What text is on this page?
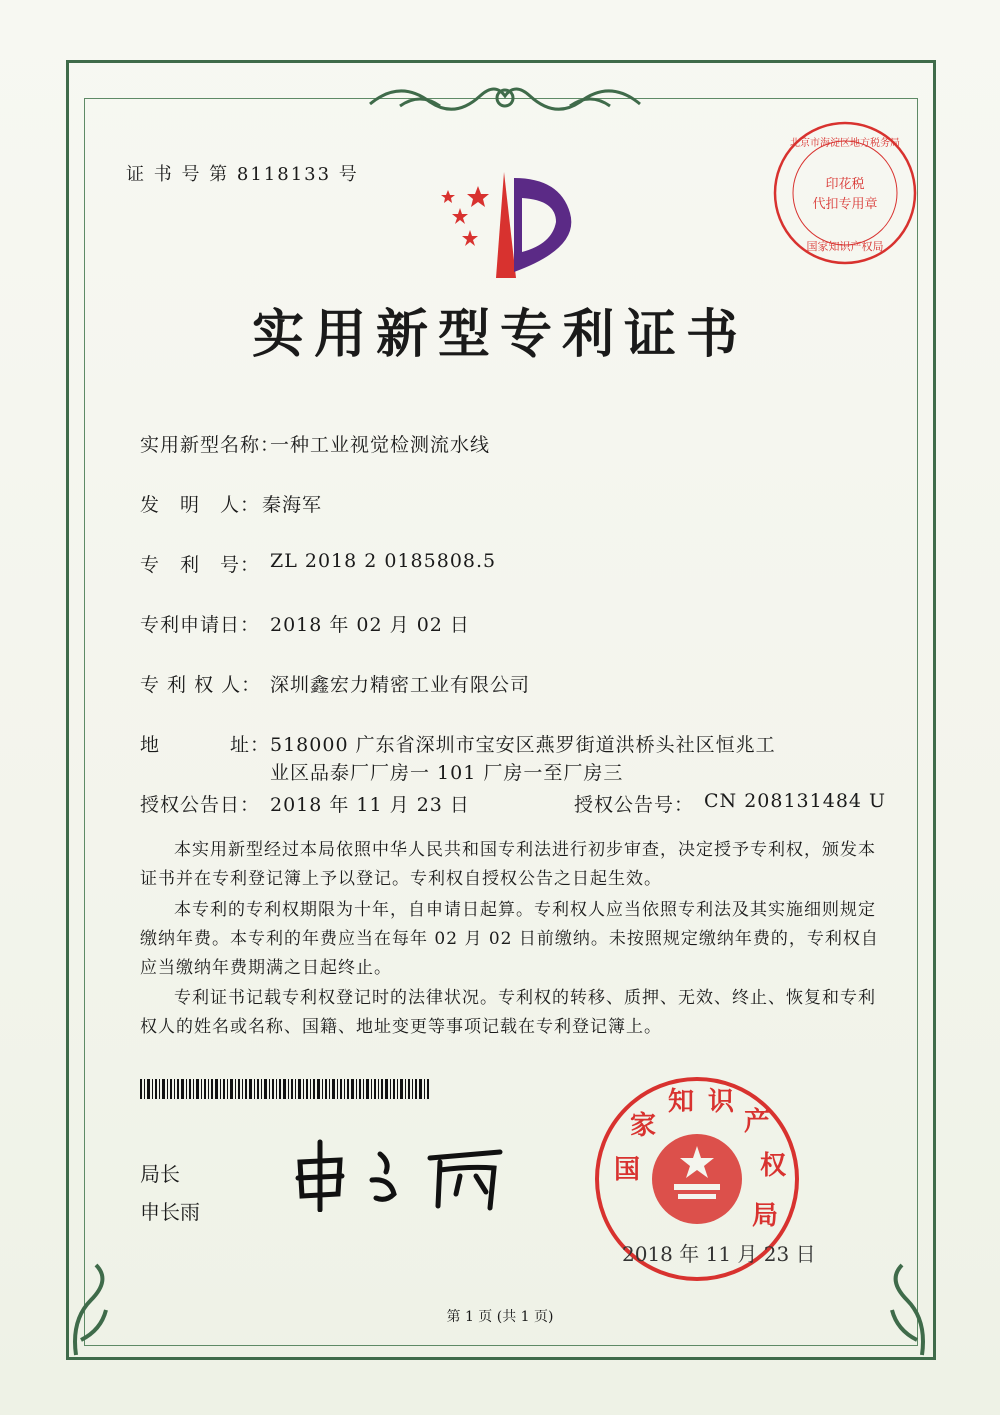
证 书 号 第 8118133 号	印花税
代扣专用章
北京市海淀区地方税务局
国家知识产权局
实用新型专利证书
实用新型名称：
一种工业视觉检测流水线
发　明　人： 秦海军
专　利　号： ZL 2018 2 0185808.5
专利申请日： 2018 年 02 月 02 日
专 利 权 人： 深圳鑫宏力精密工业有限公司
地	址： 518000 广东省深圳市宝安区燕罗街道洪桥头社区恒兆工
业区品泰厂厂房一 101 厂房一至厂房三
授权公告日： 2018 年 11 月 23 日	授权公告号： CN 208131484 U
本实用新型经过本局依照中华人民共和国专利法进行初步审查，决定授予专利权，颁发本证书并在专利登记簿上予以登记。专利权自授权公告之日起生效。
本专利的专利权期限为十年，自申请日起算。专利权人应当依照专利法及其实施细则规定缴纳年费。本专利的年费应当在每年 02 月 02 日前缴纳。未按照规定缴纳年费的，专利权自应当缴纳年费期满之日起终止。
专利证书记载专利权登记时的法律状况。专利权的转移、质押、无效、终止、恢复和专利权人的姓名或名称、国籍、地址变更等事项记载在专利登记簿上。
局长
申长雨
国
家
知 识
产
权
局
2018 年 11 月 23 日
第 1 页 (共 1 页)
